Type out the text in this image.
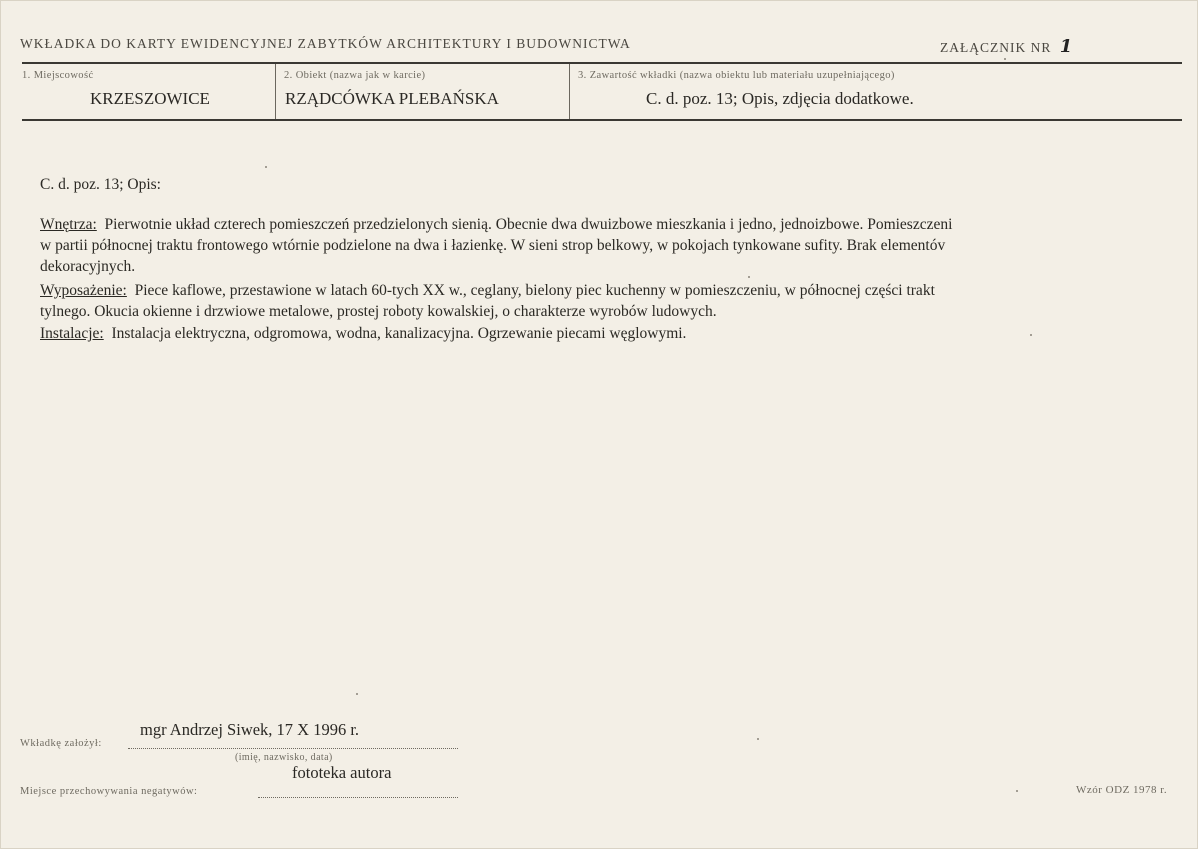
WKŁADKA DO KARTY EWIDENCYJNEJ ZABYTKÓW ARCHITEKTURY I BUDOWNICTWA	ZAŁĄCZNIK NR 1
1. Miejscowość
KRZESZOWICE
2. Obiekt (nazwa jak w karcie)
RZĄDCÓWKA PLEBAŃSKA
3. Zawartość wkładki (nazwa obiektu lub materiału uzupełniającego)
C. d. poz. 13; Opis, zdjęcia dodatkowe.
C. d. poz. 13; Opis:
Wnętrza: Pierwotnie układ czterech pomieszczeń przedzielonych sienią. Obecnie dwa dwuizbowe mieszkania i jedno, jednoizbowe. Pomieszczeni
w partii północnej traktu frontowego wtórnie podzielone na dwa i łazienkę. W sieni strop belkowy, w pokojach tynkowane sufity. Brak elementóv
dekoracyjnych.
Wyposażenie: Piece kaflowe, przestawione w latach 60-tych XX w., ceglany, bielony piec kuchenny w pomieszczeniu, w północnej części trakt
tylnego. Okucia okienne i drzwiowe metalowe, prostej roboty kowalskiej, o charakterze wyrobów ludowych.
Instalacje: Instalacja elektryczna, odgromowa, wodna, kanalizacyjna. Ogrzewanie piecami węglowymi.
mgr Andrzej Siwek, 17 X 1996 r.
Wkładkę założył:
(imię, nazwisko, data)
fototeka autora
Miejsce przechowywania negatywów:	Wzór ODZ 1978 r.
